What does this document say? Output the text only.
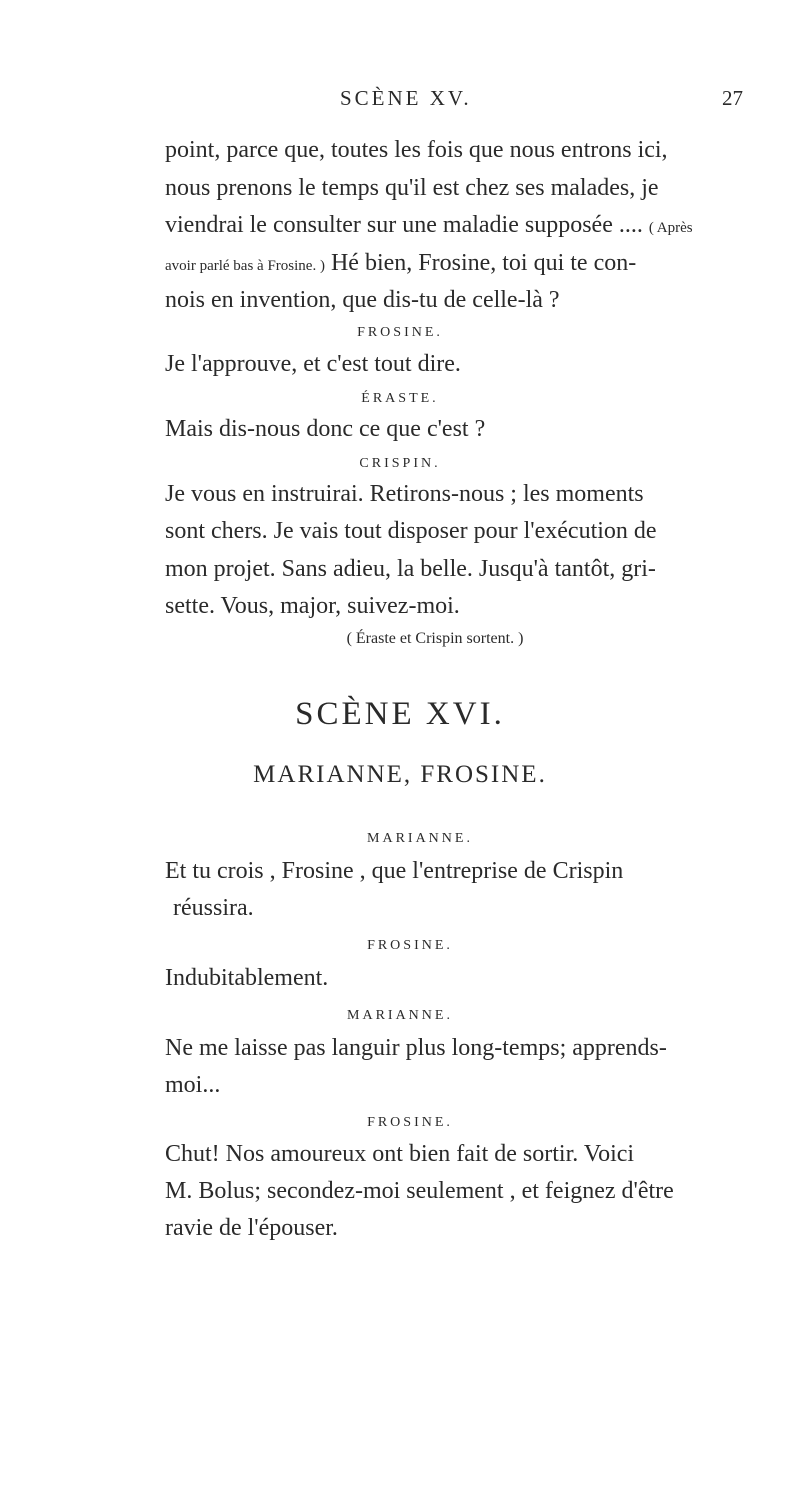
SCÈNE XV.	27
point, parce que, toutes les fois que nous entrons ici,
nous prenons le temps qu'il est chez ses malades, je
viendrai le consulter sur une maladie supposée .... ( Après
avoir parlé bas à Frosine. ) Hé bien, Frosine, toi qui te con-
nois en invention, que dis-tu de celle-là ?
FROSINE.
Je l'approuve, et c'est tout dire.
ÉRASTE.
Mais dis-nous donc ce que c'est ?
CRISPIN.
Je vous en instruirai. Retirons-nous ; les moments
sont chers. Je vais tout disposer pour l'exécution de
mon projet. Sans adieu, la belle. Jusqu'à tantôt, gri-
sette. Vous, major, suivez-moi.
( Éraste et Crispin sortent. )
SCÈNE XVI.
MARIANNE, FROSINE.
MARIANNE.
Et tu crois , Frosine , que l'entreprise de Crispin
réussira.
FROSINE.
Indubitablement.
MARIANNE.
Ne me laisse pas languir plus long-temps; apprends-
moi...
FROSINE.
Chut! Nos amoureux ont bien fait de sortir. Voici
M. Bolus; secondez-moi seulement , et feignez d'être
ravie de l'épouser.
